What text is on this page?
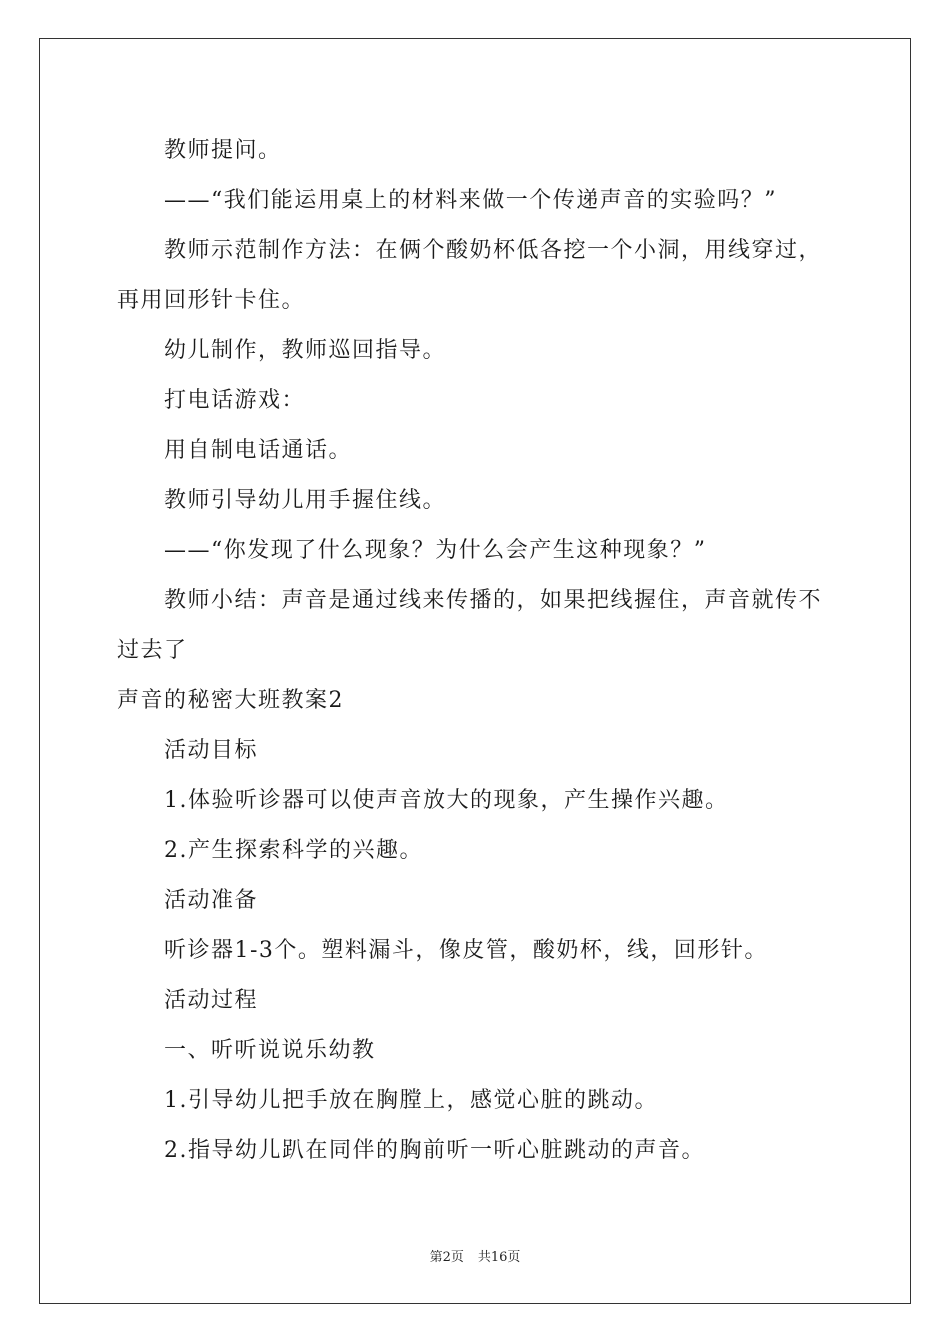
教师提问。
——“我们能运用桌上的材料来做一个传递声音的实验吗？”
教师示范制作方法：在俩个酸奶杯低各挖一个小洞，用线穿过，
再用回形针卡住。
幼儿制作，教师巡回指导。
打电话游戏：
用自制电话通话。
教师引导幼儿用手握住线。
——“你发现了什么现象？为什么会产生这种现象？”
教师小结：声音是通过线来传播的，如果把线握住，声音就传不
过去了
声音的秘密大班教案2
活动目标
1.体验听诊器可以使声音放大的现象，产生操作兴趣。
2.产生探索科学的兴趣。
活动准备
听诊器1-3个。塑料漏斗，像皮管，酸奶杯，线，回形针。
活动过程
一、听听说说乐幼教
1.引导幼儿把手放在胸膛上，感觉心脏的跳动。
2.指导幼儿趴在同伴的胸前听一听心脏跳动的声音。
第2页 共16页
